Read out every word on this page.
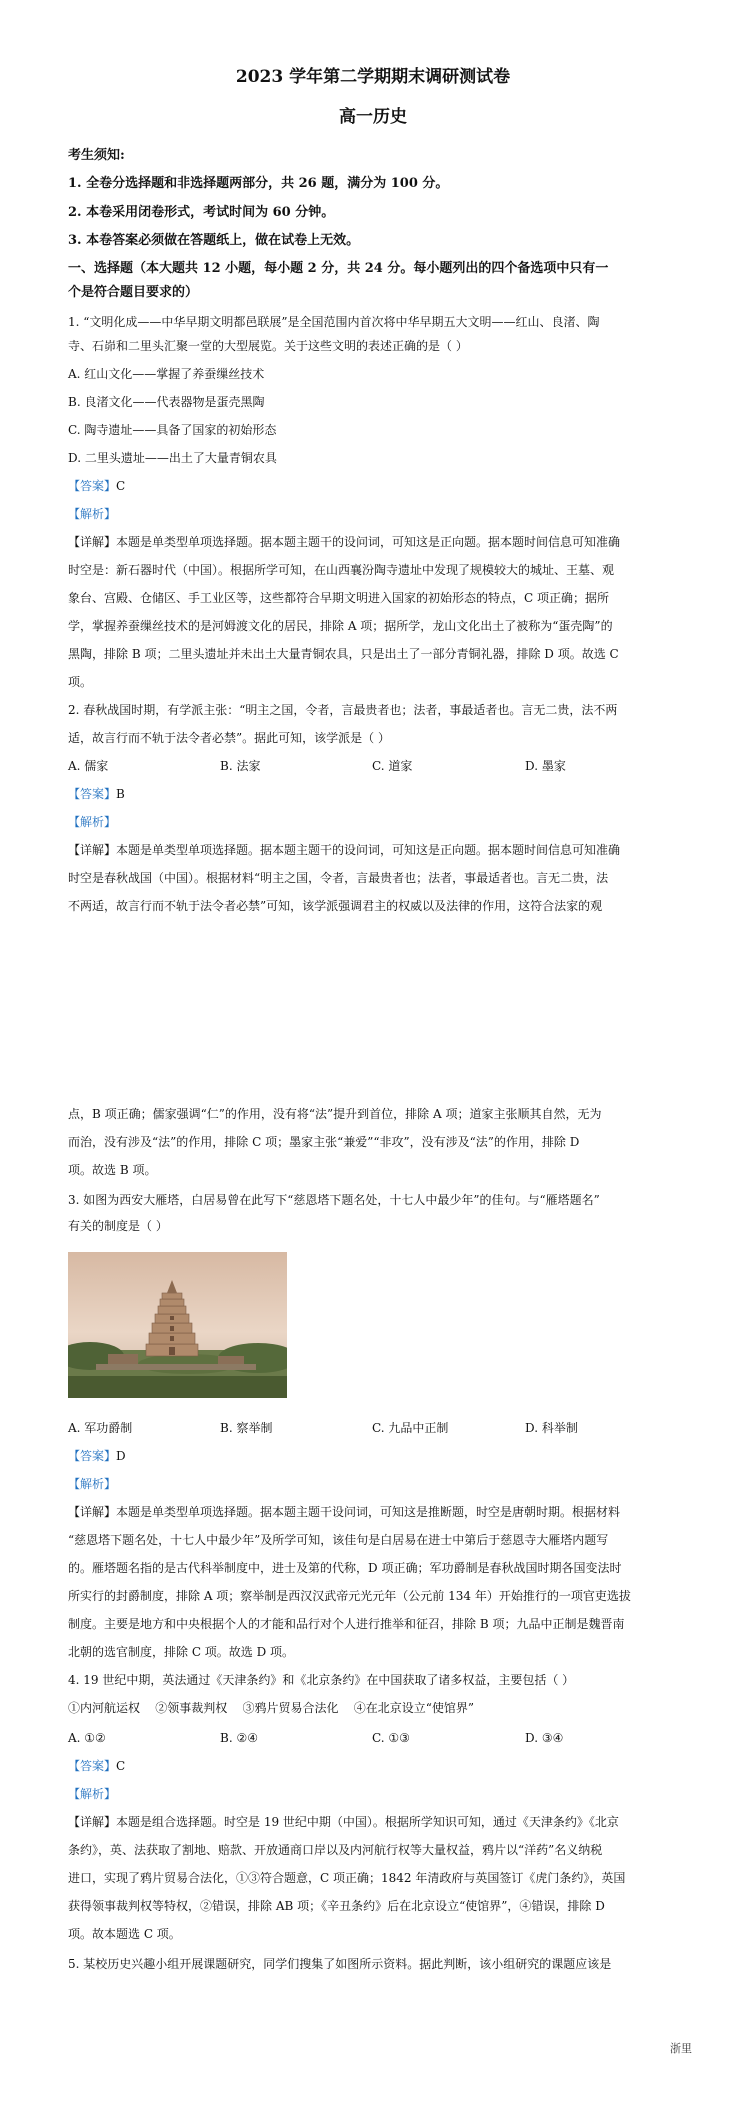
2023 学年第二学期期末调研测试卷
高一历史
考生须知:
1. 全卷分选择题和非选择题两部分，共 26 题，满分为 100 分。
2. 本卷采用闭卷形式，考试时间为 60 分钟。
3. 本卷答案必须做在答题纸上，做在试卷上无效。
一、选择题（本大题共 12 小题，每小题 2 分，共 24 分。每小题列出的四个备选项中只有一
个是符合题目要求的）
1. “文明化成——中华早期文明都邑联展”是全国范围内首次将中华早期五大文明——红山、良渚、陶
寺、石峁和二里头汇聚一堂的大型展览。关于这些文明的表述正确的是（ ）
A. 红山文化——掌握了养蚕缫丝技术
B. 良渚文化——代表器物是蛋壳黑陶
C. 陶寺遗址——具备了国家的初始形态
D. 二里头遗址——出土了大量青铜农具
【答案】C
【解析】
【详解】本题是单类型单项选择题。据本题主题干的设问词，可知这是正向题。据本题时间信息可知准确
时空是：新石器时代（中国）。根据所学可知，在山西襄汾陶寺遗址中发现了规模较大的城址、王墓、观
象台、宫殿、仓储区、手工业区等，这些都符合早期文明进入国家的初始形态的特点，C 项正确；据所
学，掌握养蚕缫丝技术的是河姆渡文化的居民，排除 A 项；据所学，龙山文化出土了被称为“蛋壳陶”的
黑陶，排除 B 项；二里头遗址并未出土大量青铜农具，只是出土了一部分青铜礼器，排除 D 项。故选 C
项。
2. 春秋战国时期，有学派主张：“明主之国，令者，言最贵者也；法者，事最适者也。言无二贵，法不两
适，故言行而不轨于法令者必禁”。据此可知，该学派是（ ）
A. 儒家	B. 法家	C. 道家	D. 墨家
【答案】B
【解析】
【详解】本题是单类型单项选择题。据本题主题干的设问词，可知这是正向题。据本题时间信息可知准确
时空是春秋战国（中国）。根据材料“明主之国，令者，言最贵者也；法者，事最适者也。言无二贵，法
不两适，故言行而不轨于法令者必禁”可知，该学派强调君主的权威以及法律的作用，这符合法家的观
点，B 项正确；儒家强调“仁”的作用，没有将“法”提升到首位，排除 A 项；道家主张顺其自然，无为
而治，没有涉及“法”的作用，排除 C 项；墨家主张“兼爱”“非攻”，没有涉及“法”的作用，排除 D
项。故选 B 项。
3. 如图为西安大雁塔，白居易曾在此写下“慈恩塔下题名处，十七人中最少年”的佳句。与“雁塔题名”
有关的制度是（ ）
A. 军功爵制	B. 察举制	C. 九品中正制	D. 科举制
【答案】D
【解析】
【详解】本题是单类型单项选择题。据本题主题干设问词，可知这是推断题，时空是唐朝时期。根据材料
“慈恩塔下题名处，十七人中最少年”及所学可知，该佳句是白居易在进士中第后于慈恩寺大雁塔内题写
的。雁塔题名指的是古代科举制度中，进士及第的代称，D 项正确；军功爵制是春秋战国时期各国变法时
所实行的封爵制度，排除 A 项；察举制是西汉汉武帝元光元年（公元前 134 年）开始推行的一项官吏选拔
制度。主要是地方和中央根据个人的才能和品行对个人进行推举和征召，排除 B 项；九品中正制是魏晋南
北朝的选官制度，排除 C 项。故选 D 项。
4. 19 世纪中期，英法通过《天津条约》和《北京条约》在中国获取了诸多权益，主要包括（ ）
①内河航运权    ②领事裁判权    ③鸦片贸易合法化    ④在北京设立“使馆界”
A. ①②	B. ②④	C. ①③	D. ③④
【答案】C
【解析】
【详解】本题是组合选择题。时空是 19 世纪中期（中国）。根据所学知识可知，通过《天津条约》《北京
条约》，英、法获取了割地、赔款、开放通商口岸以及内河航行权等大量权益，鸦片以“洋药”名义纳税
进口，实现了鸦片贸易合法化，①③符合题意，C 项正确；1842 年清政府与英国签订《虎门条约》，英国
获得领事裁判权等特权，②错误，排除 AB 项；《辛丑条约》后在北京设立“使馆界”，④错误，排除 D
项。故本题选 C 项。
5. 某校历史兴趣小组开展课题研究，同学们搜集了如图所示资料。据此判断，该小组研究的课题应该是
浙里
